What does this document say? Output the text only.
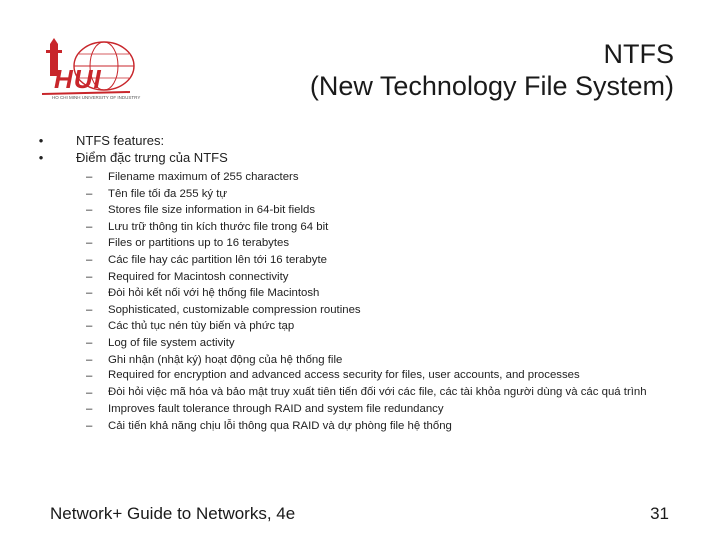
HUI
HO CHI MINH UNIVERSITY OF INDUSTRY
NTFS
(New Technology File System)
•	NTFS features:
•	Điểm đặc trưng của NTFS
– Filename maximum of 255 characters
– Tên file tối đa 255 ký tự
– Stores file size information in 64-bit fields
– Lưu trữ thông tin kích thước file trong 64 bit
– Files or partitions up to 16 terabytes
– Các file hay các partition lên tới 16 terabyte
– Required for Macintosh connectivity
– Đòi hỏi kết nối với hệ thống file Macintosh
– Sophisticated, customizable compression routines
– Các thủ tục nén tùy biến và phức tạp
– Log of file system activity
– Ghi nhận (nhật ký) hoạt động của hệ thống file
– Required for encryption and advanced access security for files, user accounts, and processes
– Đòi hỏi việc mã hóa và bảo mật truy xuất tiên tiến đối với các file, các tài khỏa người dùng và các quá trình
– Improves fault tolerance through RAID and system file redundancy
– Cải tiến khả năng chịu lỗi thông qua RAID và dự phòng file hệ thống
Network+ Guide to Networks, 4e	31
